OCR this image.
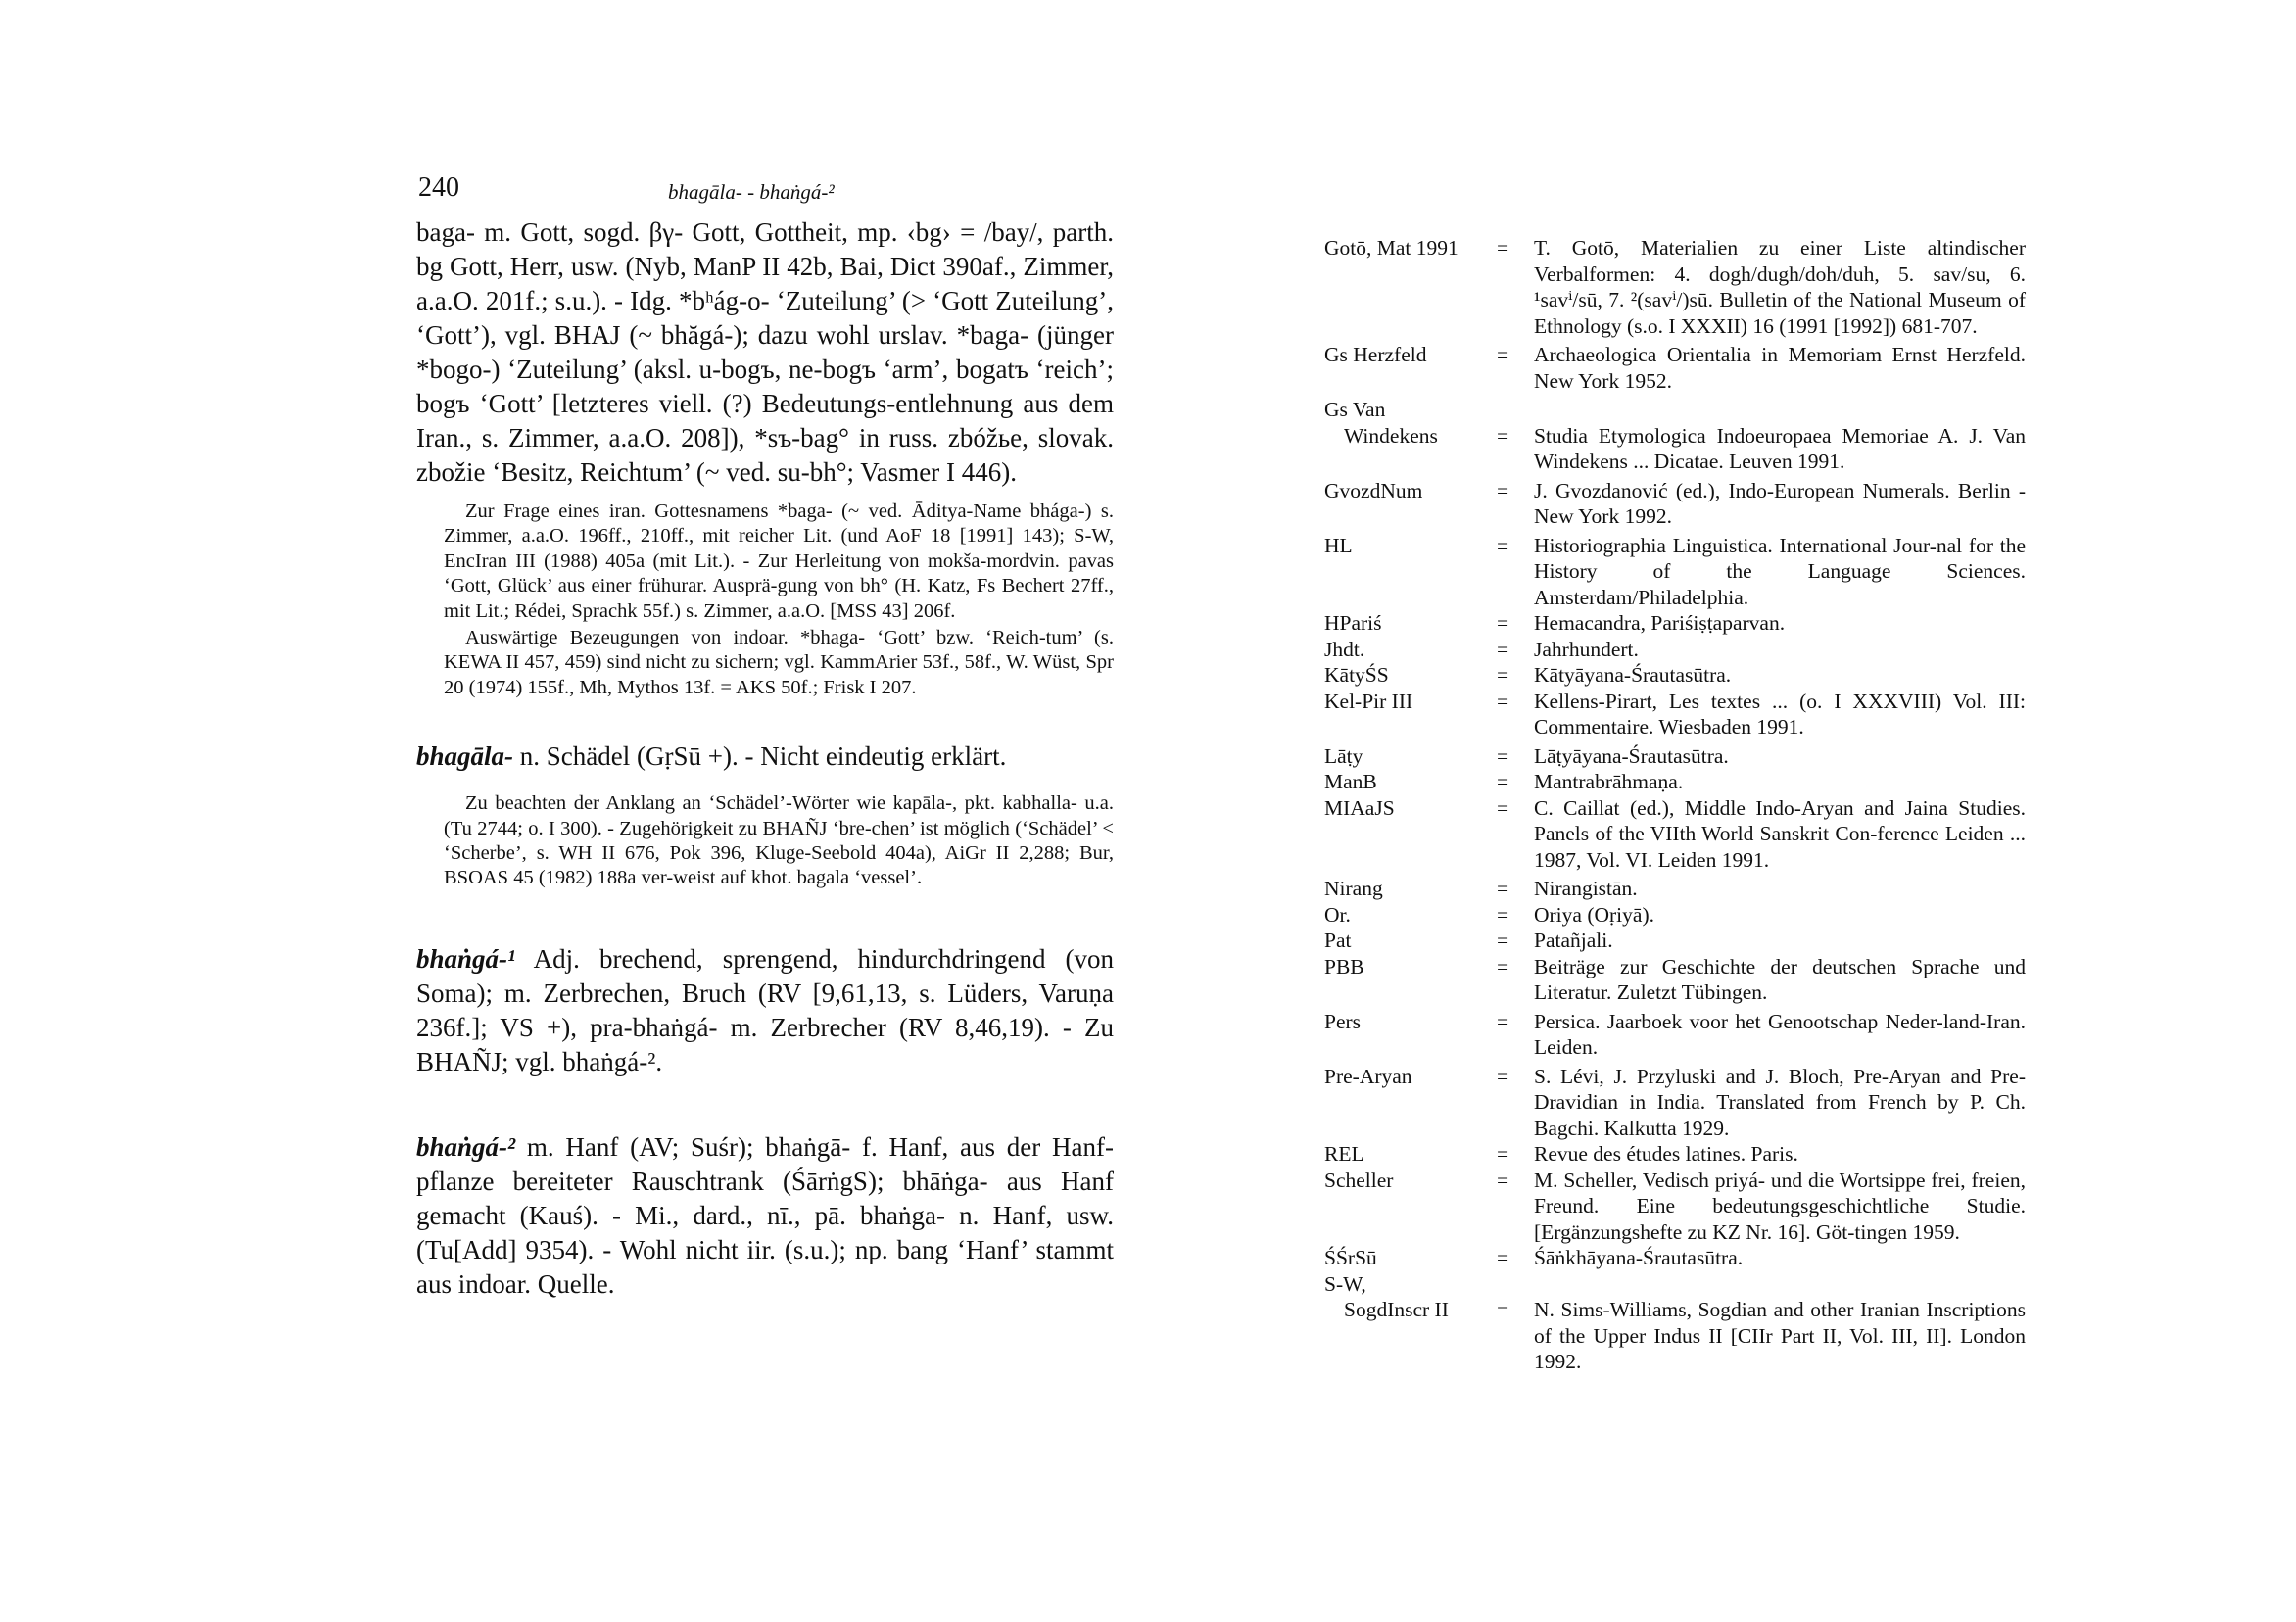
240	bhagāla- - bhaṅgá-²

baga- m. Gott, sogd. βγ- Gott, Gottheit, mp. ‹bg› = /bay/, parth. bg Gott, Herr, usw. (Nyb, ManP II 42b, Bai, Dict 390af., Zimmer, a.a.O. 201f.; s.u.). - Idg. *bʰág-o- ‘Zuteilung’ (> ‘Gott Zuteilung’, ‘Gott’), vgl. BHAJ (~ bhăgá-); dazu wohl urslav. *baga- (jünger *bogo-) ‘Zuteilung’ (aksl. u-bogъ, ne-bogъ ‘arm’, bogatъ ‘reich’; bogъ ‘Gott’ [letzteres viell. (?) Bedeutungs-entlehnung aus dem Iran., s. Zimmer, a.a.O. 208]), *sъ-bag° in russ. zbóžьe, slovak. zbožie ‘Besitz, Reichtum’ (~ ved. su-bh°; Vasmer I 446).

Zur Frage eines iran. Gottesnamens *baga- (~ ved. Āditya-Name bhága-) s. Zimmer, a.a.O. 196ff., 210ff., mit reicher Lit. (und AoF 18 [1991] 143); S-W, EncIran III (1988) 405a (mit Lit.). - Zur Herleitung von mokša-mordvin. pavas ‘Gott, Glück’ aus einer frühurar. Ausprä-gung von bh° (H. Katz, Fs Bechert 27ff., mit Lit.; Rédei, Sprachk 55f.) s. Zimmer, a.a.O. [MSS 43] 206f.

Auswärtige Bezeugungen von indoar. *bhaga- ‘Gott’ bzw. ‘Reich-tum’ (s. KEWA II 457, 459) sind nicht zu sichern; vgl. KammArier 53f., 58f., W. Wüst, Spr 20 (1974) 155f., Mh, Mythos 13f. = AKS 50f.; Frisk I 207.

bhagāla- n. Schädel (GṛSū +). - Nicht eindeutig erklärt.

Zu beachten der Anklang an ‘Schädel’-Wörter wie kapāla-, pkt. kabhalla- u.a. (Tu 2744; o. I 300). - Zugehörigkeit zu BHAÑJ ‘bre-chen’ ist möglich (‘Schädel’ < ‘Scherbe’, s. WH II 676, Pok 396, Kluge-Seebold 404a), AiGr II 2,288; Bur, BSOAS 45 (1982) 188a ver-weist auf khot. bagala ‘vessel’.

bhaṅgá-¹ Adj. brechend, sprengend, hindurchdringend (von Soma); m. Zerbrechen, Bruch (RV [9,61,13, s. Lüders, Varuṇa 236f.]; VS +), pra-bhaṅgá- m. Zerbrecher (RV 8,46,19). - Zu BHAÑJ; vgl. bhaṅgá-².

bhaṅgá-² m. Hanf (AV; Suśr); bhaṅgā- f. Hanf, aus der Hanf-pflanze bereiteter Rauschtrank (ŚārṅgS); bhāṅga- aus Hanf gemacht (Kauś). - Mi., dard., nī., pā. bhaṅga- n. Hanf, usw. (Tu[Add] 9354). - Wohl nicht iir. (s.u.); np. bang ‘Hanf’ stammt aus indoar. Quelle.

Gotō, Mat 1991	= T. Gotō, Materialien zu einer Liste altindischer Verbalformen: 4. dogh/dugh/doh/duh, 5. sav/su, 6. ¹savⁱ/sū, 7. ²(savⁱ/)sū. Bulletin of the National Museum of Ethnology (s.o. I XXXII) 16 (1991 [1992]) 681-707.
Gs Herzfeld	= Archaeologica Orientalia in Memoriam Ernst Herzfeld. New York 1952.
Gs Van
Windekens	= Studia Etymologica Indoeuropaea Memoriae A. J. Van Windekens ... Dicatae. Leuven 1991.
GvozdNum	= J. Gvozdanović (ed.), Indo-European Numerals. Berlin - New York 1992.
HL	= Historiographia Linguistica. International Jour-nal for the History of the Language Sciences. Amsterdam/Philadelphia.
HPariś	= Hemacandra, Pariśiṣṭaparvan.
Jhdt.	= Jahrhundert.
KātyŚS	= Kātyāyana-Śrautasūtra.
Kel-Pir III	= Kellens-Pirart, Les textes ... (o. I XXXVIII) Vol. III: Commentaire. Wiesbaden 1991.
Lāṭy	= Lāṭyāyana-Śrautasūtra.
ManB	= Mantrabrāhmaṇa.
MIAaJS	= C. Caillat (ed.), Middle Indo-Aryan and Jaina Studies. Panels of the VIIth World Sanskrit Con-ference Leiden ... 1987, Vol. VI. Leiden 1991.
Nirang	= Nirangistān.
Or.	= Oriya (Oṛiyā).
Pat	= Patañjali.
PBB	= Beiträge zur Geschichte der deutschen Sprache und Literatur. Zuletzt Tübingen.
Pers	= Persica. Jaarboek voor het Genootschap Neder-land-Iran. Leiden.
Pre-Aryan	= S. Lévi, J. Przyluski and J. Bloch, Pre-Aryan and Pre-Dravidian in India. Translated from French by P. Ch. Bagchi. Kalkutta 1929.
REL	= Revue des études latines. Paris.
Scheller	= M. Scheller, Vedisch priyá- und die Wortsippe frei, freien, Freund. Eine bedeutungsgeschichtliche Studie. [Ergänzungshefte zu KZ Nr. 16]. Göt-tingen 1959.
ŚŚrSū	= Śāṅkhāyana-Śrautasūtra.
S-W,
SogdInscr II	= N. Sims-Williams, Sogdian and other Iranian Inscriptions of the Upper Indus II [CIIr Part II, Vol. III, II]. London 1992.
